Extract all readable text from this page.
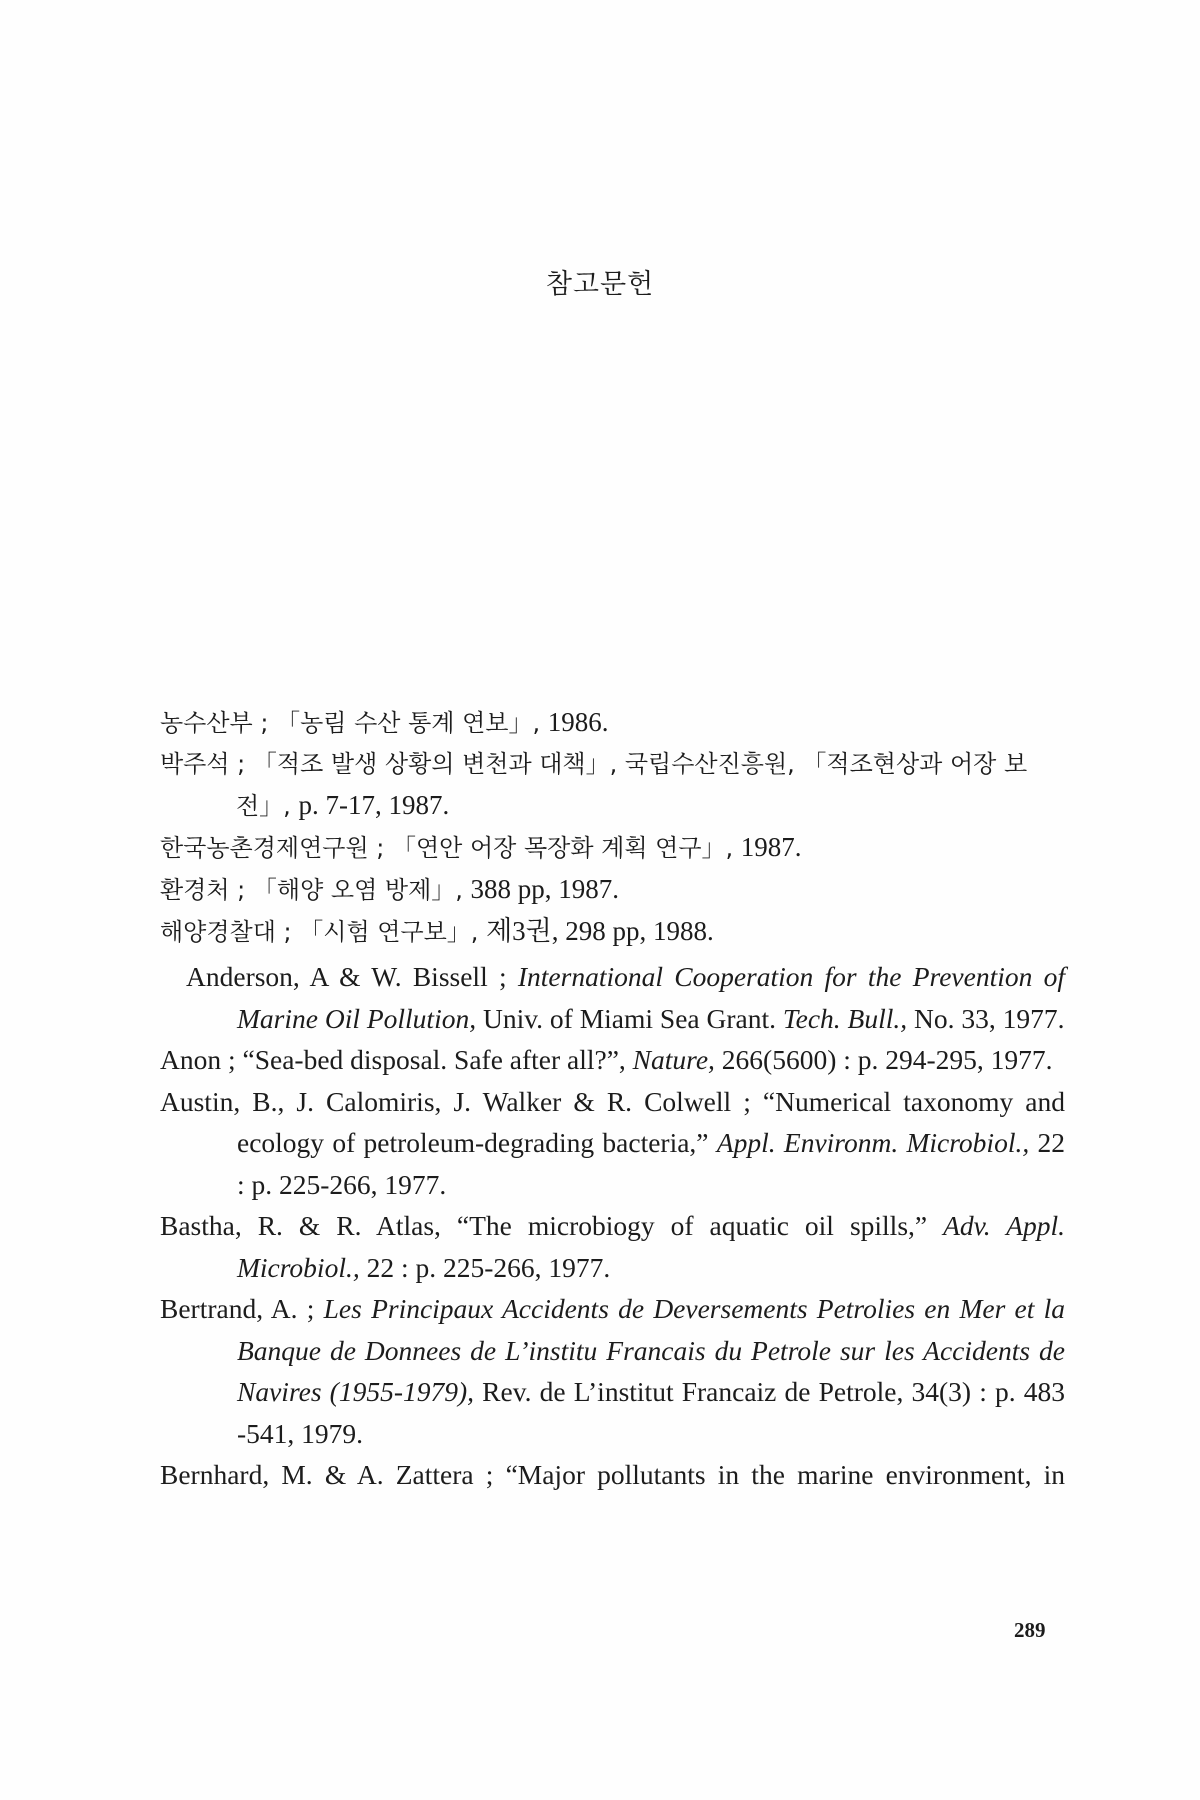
참고문헌
농수산부 ; 「농림 수산 통계 연보」, 1986.
박주석 ; 「적조 발생 상황의 변천과 대책」, 국립수산진흥원, 「적조현상과 어장 보전」, p. 7-17, 1987.
한국농촌경제연구원 ; 「연안 어장 목장화 계획 연구」, 1987.
환경처 ; 「해양 오염 방제」, 388 pp, 1987.
해양경찰대 ; 「시험 연구보」, 제3권, 298 pp, 1988.
Anderson, A & W. Bissell ; International Cooperation for the Prevention of Marine Oil Pollution, Univ. of Miami Sea Grant. Tech. Bull., No. 33, 1977.
Anon ; “Sea-bed disposal. Safe after all?”, Nature, 266(5600) : p. 294-295, 1977.
Austin, B., J. Calomiris, J. Walker & R. Colwell ; “Numerical taxonomy and ecology of petroleum-degrading bacteria,” Appl. Environm. Microbiol., 22 : p. 225-266, 1977.
Bastha, R. & R. Atlas, “The microbiogy of aquatic oil spills,” Adv. Appl. Microbiol., 22 : p. 225-266, 1977.
Bertrand, A. ; Les Principaux Accidents de Deversements Petrolies en Mer et la Banque de Donnees de L’institu Francais du Petrole sur les Accidents de Navires (1955-1979), Rev. de L’institut Francaiz de Petrole, 34(3) : p. 483 -541, 1979.
Bernhard, M. & A. Zattera ; “Major pollutants in the marine environment, in
289
